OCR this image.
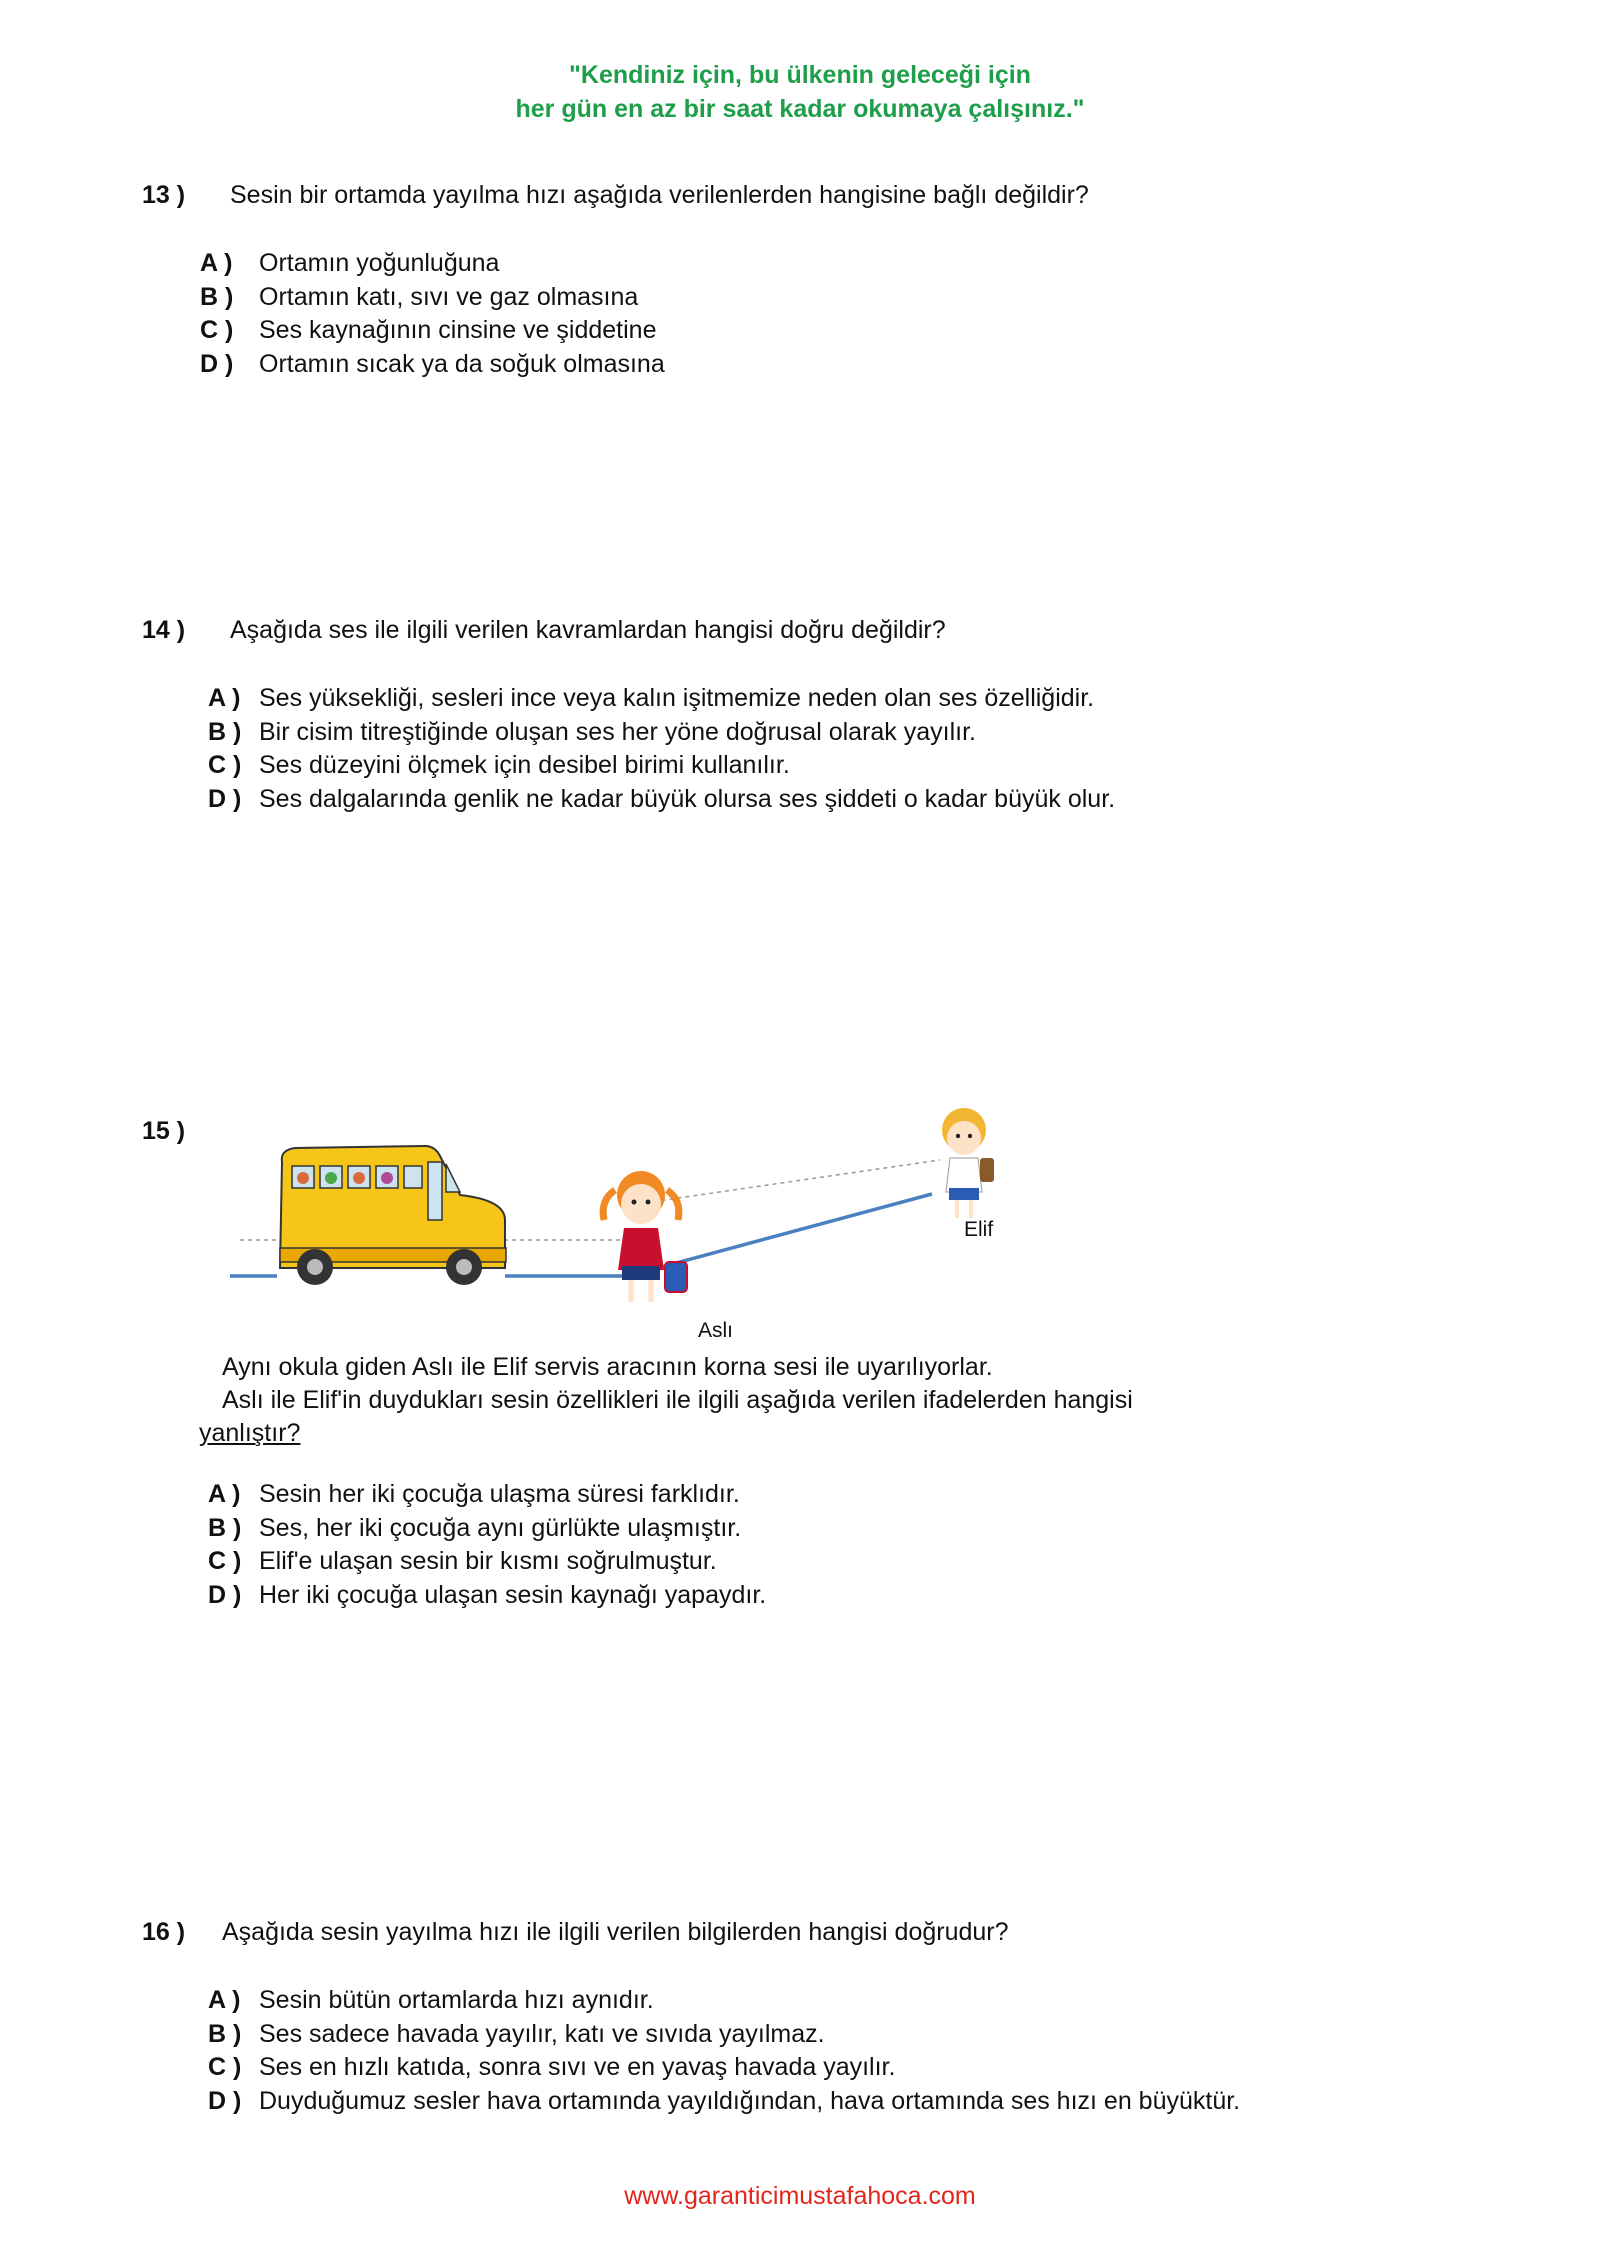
"Kendiniz için, bu ülkenin geleceği için
her gün en az bir saat kadar okumaya çalışınız."
13 ) Sesin bir ortamda yayılma hızı aşağıda verilenlerden hangisine bağlı değildir?
A ) Ortamın yoğunluğuna
B ) Ortamın katı, sıvı ve gaz olmasına
C ) Ses kaynağının cinsine ve şiddetine
D ) Ortamın sıcak ya da soğuk olmasına
14 ) Aşağıda ses ile ilgili verilen kavramlardan hangisi doğru değildir?
A ) Ses yüksekliği, sesleri ince veya kalın işitmemize neden olan ses özelliğidir.
B ) Bir cisim titreştiğinde oluşan ses her yöne doğrusal olarak yayılır.
C ) Ses düzeyini ölçmek için desibel birimi kullanılır.
D ) Ses dalgalarında genlik ne kadar büyük olursa ses şiddeti o kadar büyük olur.
15 )
Elif
Aslı
Aynı okula giden Aslı ile Elif servis aracının korna sesi ile uyarılıyorlar.
Aslı ile Elif'in duydukları sesin özellikleri ile ilgili aşağıda verilen ifadelerden hangisi
yanlıştır?
A ) Sesin her iki çocuğa ulaşma süresi farklıdır.
B ) Ses, her iki çocuğa aynı gürlükte ulaşmıştır.
C ) Elif'e ulaşan sesin bir kısmı soğrulmuştur.
D ) Her iki çocuğa ulaşan sesin kaynağı yapaydır.
16 ) Aşağıda sesin yayılma hızı ile ilgili verilen bilgilerden hangisi doğrudur?
A ) Sesin bütün ortamlarda hızı aynıdır.
B ) Ses sadece havada yayılır, katı ve sıvıda yayılmaz.
C ) Ses en hızlı katıda, sonra sıvı ve en yavaş havada yayılır.
D ) Duyduğumuz sesler hava ortamında yayıldığından, hava ortamında ses hızı en büyüktür.
www.garanticimustafahoca.com
